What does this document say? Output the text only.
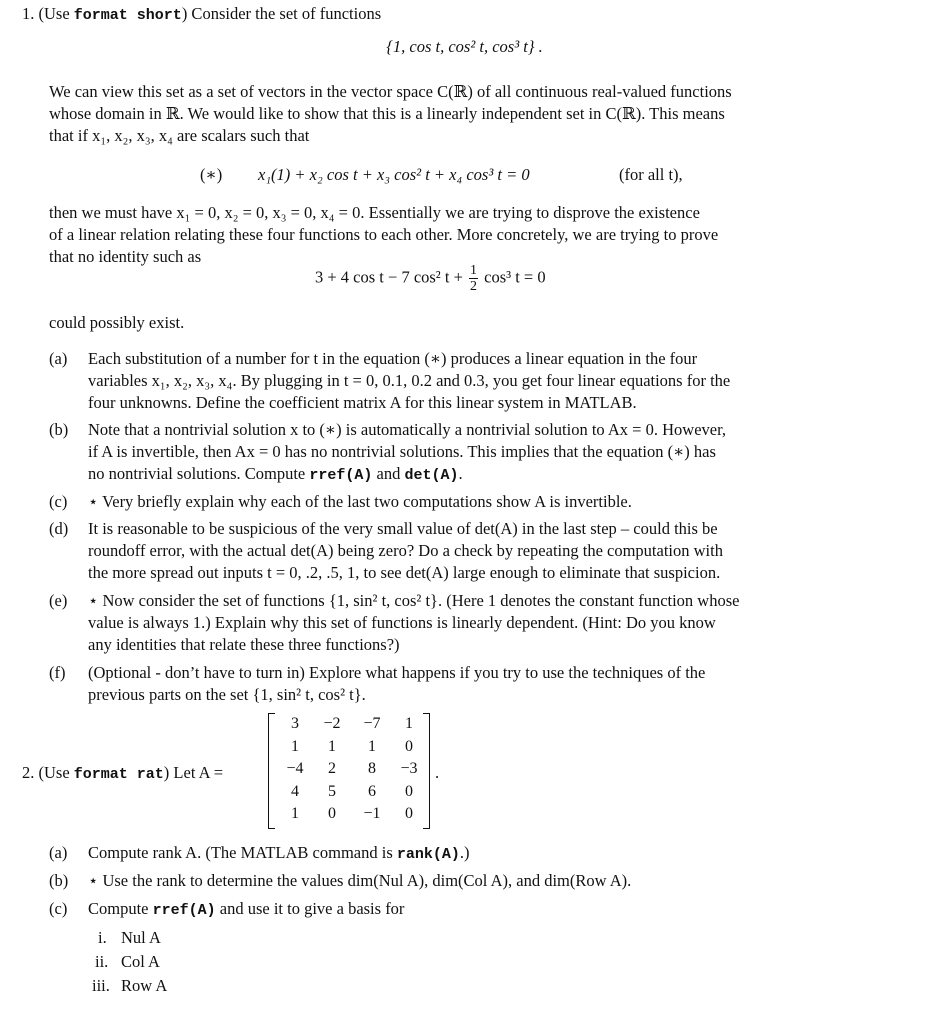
1. (Use format short) Consider the set of functions
{1, cos t, cos² t, cos³ t} .
We can view this set as a set of vectors in the vector space C(ℝ) of all continuous real-valued functions
whose domain in ℝ. We would like to show that this is a linearly independent set in C(ℝ). This means
that if x₁, x₂, x₃, x₄ are scalars such that
(∗) x₁(1) + x₂ cos t + x₃ cos² t + x₄ cos³ t = 0	(for all t),
then we must have x₁ = 0, x₂ = 0, x₃ = 0, x₄ = 0. Essentially we are trying to disprove the existence
of a linear relation relating these four functions to each other. More concretely, we are trying to prove
that no identity such as
3 + 4 cos t − 7 cos² $t + \frac{1}{2} \cos^3$ t = 0
could possibly exist.
(a) Each substitution of a number for t in the equation (∗) produces a linear equation in the four
variables x₁, x₂, x₃, x₄. By plugging in t = 0, 0.1, 0.2 and 0.3, you get four linear equations for the
four unknowns. Define the coefficient matrix A for this linear system in MATLAB.
(b) Note that a nontrivial solution x to (∗) is automatically a nontrivial solution to Ax = 0. However,
if A is invertible, then Ax = 0 has no nontrivial solutions. This implies that the equation (∗) has
no nontrivial solutions. Compute rref(A) and det(A).
(c) ⋆ Very briefly explain why each of the last two computations show A is invertible.
(d) It is reasonable to be suspicious of the very small value of det(A) in the last step – could this be
roundoff error, with the actual det(A) being zero? Do a check by repeating the computation with
the more spread out inputs t = 0, .2, .5, 1, to see det(A) large enough to eliminate that suspicion.
(e) ⋆ Now consider the set of functions {1, sin² t, cos² t}. (Here 1 denotes the constant function whose
value is always 1.) Explain why this set of functions is linearly dependent. (Hint: Do you know
any identities that relate these three functions?)
(f) (Optional - don’t have to turn in) Explore what happens if you try to use the techniques of the
previous parts on the set {1, sin² t, cos² t}.
2. (Use format rat) Let A =
3	−2	−7	1
1	1	1	0
−4	2	8	−3
4	5	6	0
1	0	−1	0
.
(a) Compute rank A. (The MATLAB command is rank(A).)
(b) ⋆ Use the rank to determine the values dim(Nul A), dim(Col A), and dim(Row A).
(c) Compute rref(A) and use it to give a basis for
i. Nul A
ii. Col A
iii. Row A
